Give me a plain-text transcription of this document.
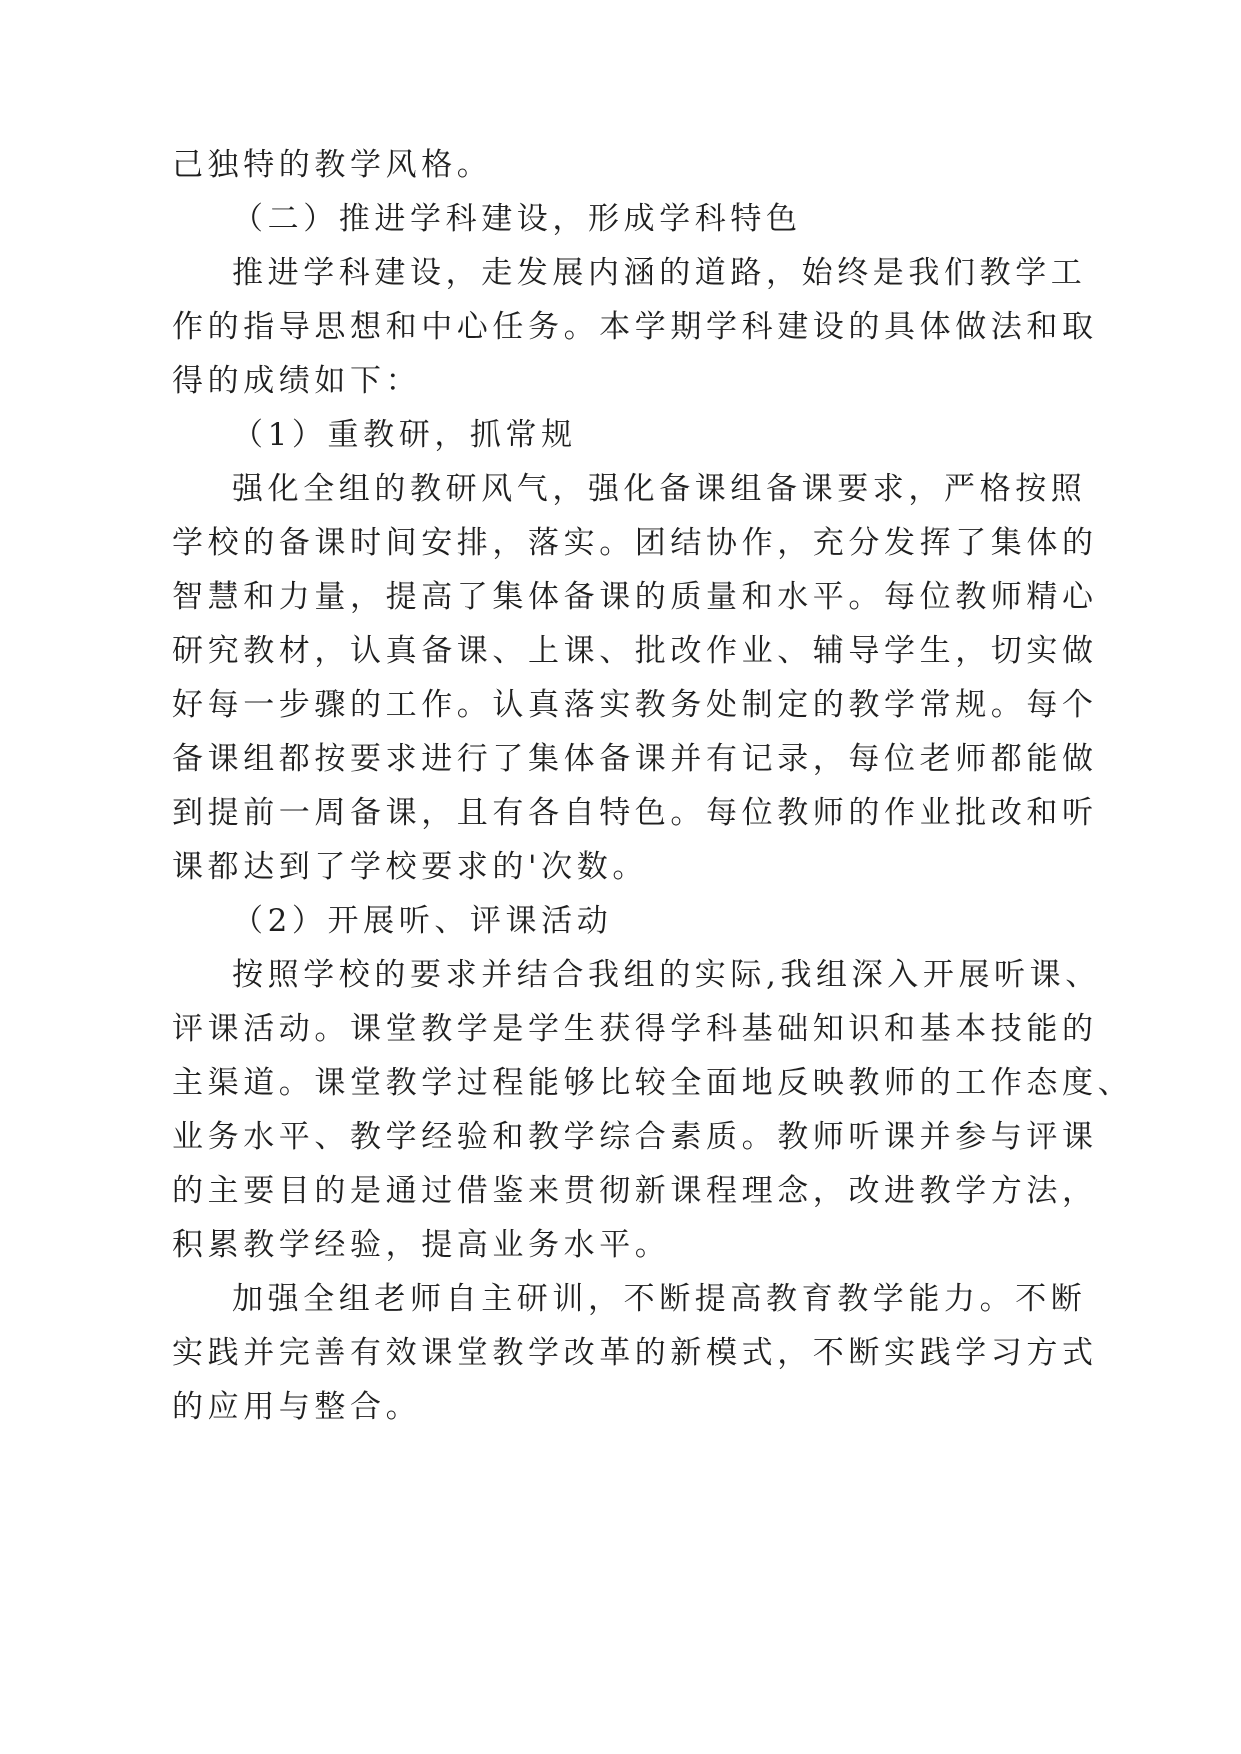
己独特的教学风格。
（二）推进学科建设，形成学科特色
推进学科建设，走发展内涵的道路，始终是我们教学工
作的指导思想和中心任务。本学期学科建设的具体做法和取
得的成绩如下：
（1）重教研，抓常规
强化全组的教研风气，强化备课组备课要求，严格按照
学校的备课时间安排，落实。团结协作，充分发挥了集体的
智慧和力量，提高了集体备课的质量和水平。每位教师精心
研究教材，认真备课、上课、批改作业、辅导学生，切实做
好每一步骤的工作。认真落实教务处制定的教学常规。每个
备课组都按要求进行了集体备课并有记录，每位老师都能做
到提前一周备课，且有各自特色。每位教师的作业批改和听
课都达到了学校要求的'次数。
（2）开展听、评课活动
按照学校的要求并结合我组的实际,我组深入开展听课、
评课活动。课堂教学是学生获得学科基础知识和基本技能的
主渠道。课堂教学过程能够比较全面地反映教师的工作态度、
业务水平、教学经验和教学综合素质。教师听课并参与评课
的主要目的是通过借鉴来贯彻新课程理念，改进教学方法，
积累教学经验，提高业务水平。
加强全组老师自主研训，不断提高教育教学能力。不断
实践并完善有效课堂教学改革的新模式，不断实践学习方式
的应用与整合。
